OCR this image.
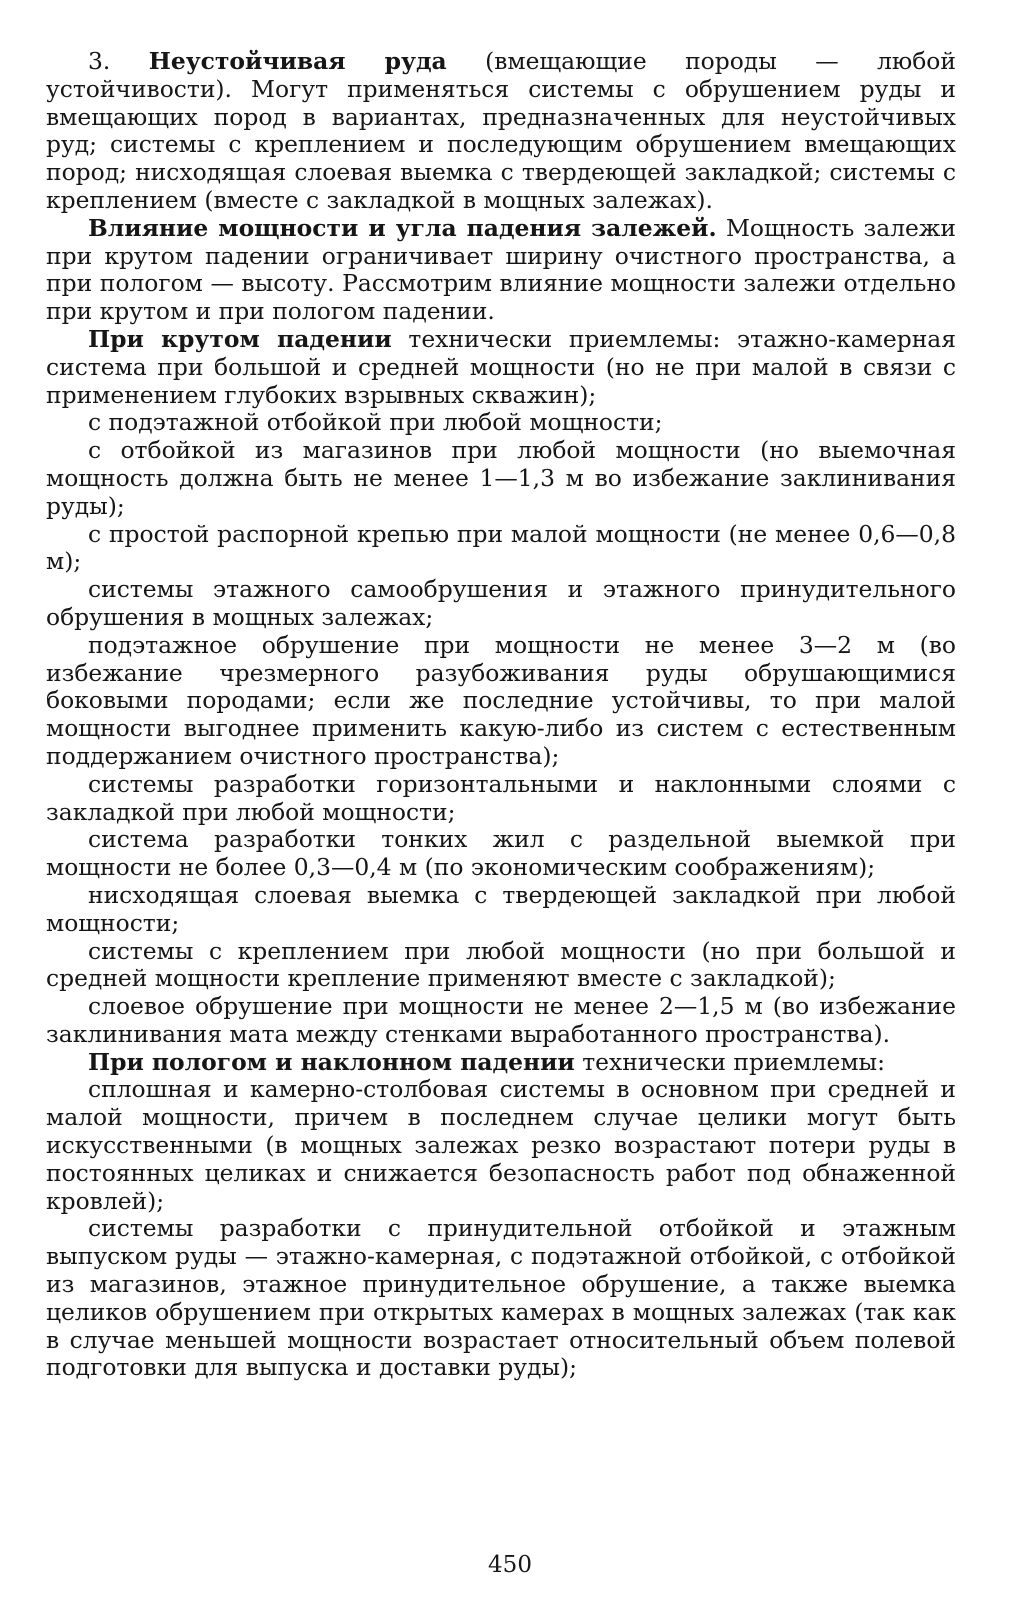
3. Неустойчивая руда (вмещающие породы — любой устойчивости). Могут применяться системы с обрушением руды и вмещающих пород в вариантах, предназначенных для неустойчивых руд; системы с креплением и последующим обрушением вмещающих пород; нисходящая слоевая выемка с твердеющей закладкой; системы с креплением (вместе с закладкой в мощных залежах).

Влияние мощности и угла падения залежей. Мощность залежи при крутом падении ограничивает ширину очистного пространства, а при пологом — высоту. Рассмотрим влияние мощности залежи отдельно при крутом и при пологом падении.

При крутом падении технически приемлемы: этажно-камерная система при большой и средней мощности (но не при малой в связи с применением глубоких взрывных скважин);

с подэтажной отбойкой при любой мощности;

с отбойкой из магазинов при любой мощности (но выемочная мощность должна быть не менее 1—1,3 м во избежание заклинивания руды);

с простой распорной крепью при малой мощности (не менее 0,6—0,8 м);

системы этажного самообрушения и этажного принудительного обрушения в мощных залежах;

подэтажное обрушение при мощности не менее 3—2 м (во избежание чрезмерного разубоживания руды обрушающимися боковыми породами; если же последние устойчивы, то при малой мощности выгоднее применить какую-либо из систем с естественным поддержанием очистного пространства);

системы разработки горизонтальными и наклонными слоями с закладкой при любой мощности;

система разработки тонких жил с раздельной выемкой при мощности не более 0,3—0,4 м (по экономическим соображениям);

нисходящая слоевая выемка с твердеющей закладкой при любой мощности;

системы с креплением при любой мощности (но при большой и средней мощности крепление применяют вместе с закладкой);

слоевое обрушение при мощности не менее 2—1,5 м (во избежание заклинивания мата между стенками выработанного пространства).

При пологом и наклонном падении технически приемлемы:

сплошная и камерно-столбовая системы в основном при средней и малой мощности, причем в последнем случае целики могут быть искусственными (в мощных залежах резко возрастают потери руды в постоянных целиках и снижается безопасность работ под обнаженной кровлей);

системы разработки с принудительной отбойкой и этажным выпуском руды — этажно-камерная, с подэтажной отбойкой, с отбойкой из магазинов, этажное принудительное обрушение, а также выемка целиков обрушением при открытых камерах в мощных залежах (так как в случае меньшей мощности возрастает относительный объем полевой подготовки для выпуска и доставки руды);

450
